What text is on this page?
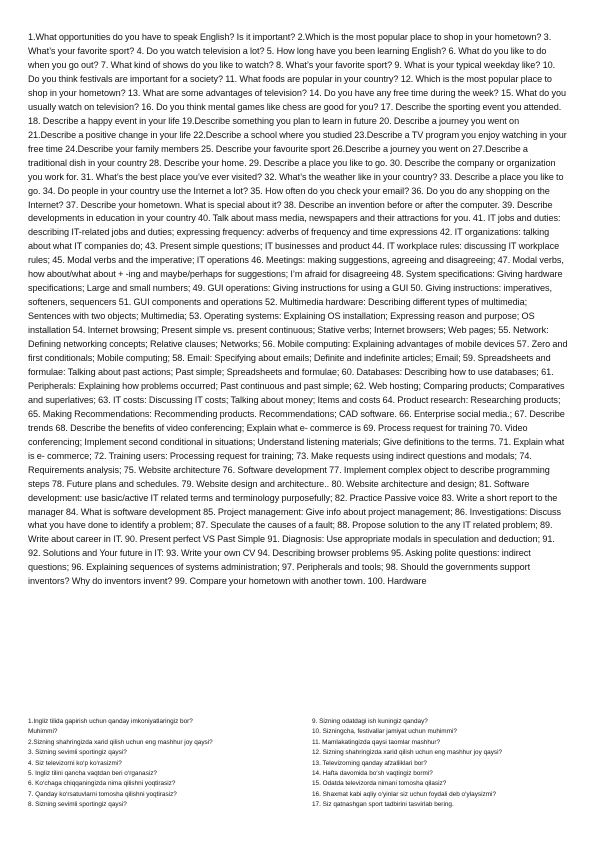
1.What opportunities do you have to speak English? Is it important? 2.Which is the most popular place to shop in your hometown? 3. What’s your favorite sport? 4. Do you watch television a lot? 5. How long have you been learning English? 6. What do you like to do when you go out? 7. What kind of shows do you like to watch? 8. What’s your favorite sport? 9. What is your typical weekday like? 10. Do you think festivals are important for a society? 11. What foods are popular in your country? 12. Which is the most popular place to shop in your hometown? 13. What are some advantages of television? 14. Do you have any free time during the week? 15. What do you usually watch on television? 16. Do you think mental games like chess are good for you? 17. Describe the sporting event you attended. 18. Describe a happy event in your life 19.Describe something you plan to learn in future 20. Describe a journey you went on 21.Describe a positive change in your life 22.Describe a school where you studied 23.Describe a TV program you enjoy watching in your free time 24.Describe your family members 25. Describe your favourite sport 26.Describe a journey you went on 27.Describe a traditional dish in your country 28. Describe your home. 29. Describe a place you like to go. 30. Describe the company or organization you work for. 31. What’s the best place you’ve ever visited? 32. What’s the weather like in your country? 33. Describe a place you like to go. 34. Do people in your country use the Internet a lot? 35. How often do you check your email? 36. Do you do any shopping on the Internet? 37. Describe your hometown. What is special about it? 38. Describe an invention before or after the computer. 39. Describe developments in education in your country 40. Talk about mass media, newspapers and their attractions for you. 41. IT jobs and duties: describing IT-related jobs and duties; expressing frequency: adverbs of frequency and time expressions 42. IT organizations: talking about what IT companies do; 43. Present simple questions; IT businesses and product 44. IT workplace rules: discussing IT workplace rules; 45. Modal verbs and the imperative; IT operations 46. Meetings: making suggestions, agreeing and disagreeing; 47. Modal verbs, how about/what about + -ing and maybe/perhaps for suggestions; I’m afraid for disagreeing 48. System specifications: Giving hardware specifications; Large and small numbers; 49. GUI operations: Giving instructions for using a GUI 50. Giving instructions: imperatives, softeners, sequencers 51. GUI components and operations 52. Multimedia hardware: Describing different types of multimedia; Sentences with two objects; Multimedia; 53. Operating systems: Explaining OS installation; Expressing reason and purpose; OS installation 54. Internet browsing; Present simple vs. present continuous; Stative verbs; Internet browsers; Web pages; 55. Network: Defining networking concepts; Relative clauses; Networks; 56. Mobile computing: Explaining advantages of mobile devices 57. Zero and first conditionals; Mobile computing; 58. Email: Specifying about emails; Definite and indefinite articles; Email; 59. Spreadsheets and formulae: Talking about past actions; Past simple; Spreadsheets and formulae; 60. Databases: Describing how to use databases; 61. Peripherals: Explaining how problems occurred; Past continuous and past simple; 62. Web hosting; Comparing products; Comparatives and superlatives; 63. IT costs: Discussing IT costs; Talking about money; Items and costs 64. Product research: Researching products; 65. Making Recommendations: Recommending products. Recommendations; CAD software. 66. Enterprise social media.; 67. Describe trends 68. Describe the benefits of video conferencing; Explain what e- commerce is 69. Process request for training 70. Video conferencing; Implement second conditional in situations; Understand listening materials; Give definitions to the terms. 71. Explain what is e- commerce; 72. Training users: Processing request for training; 73. Make requests using indirect questions and modals; 74. Requirements analysis; 75. Website architecture 76. Software development 77. Implement complex object to describe programming steps 78. Future plans and schedules. 79. Website design and architecture.. 80. Website architecture and design; 81. Software development: use basic/active IT related terms and terminology purposefully; 82. Practice Passive voice 83. Write a short report to the manager 84. What is software development 85. Project management: Give info about project management; 86. Investigations: Discuss what you have done to identify a problem; 87. Speculate the causes of a fault; 88. Propose solution to the any IT related problem; 89. Write about career in IT. 90. Present perfect VS Past Simple 91. Diagnosis: Use appropriate modals in speculation and deduction; 91. 92. Solutions and Your future in IT: 93. Write your own CV 94. Describing browser problems 95. Asking polite questions: indirect questions; 96. Explaining sequences of systems administration; 97. Peripherals and tools; 98. Should the governments support inventors? Why do inventors invent? 99. Compare your hometown with another town. 100. Hardware

1.Ingliz tilida gapirish uchun qanday imkoniyatlaringiz bor?
Muhimmi?
2.Sizning shahringizda xarid qilish uchun eng mashhur joy qaysi?
3. Sizning sevimli sportingiz qaysi?
4. Siz televizorni ko‘p ko‘rasizmi?
5. Ingliz tilini qancha vaqtdan beri o‘rganasiz?
6. Ko‘chaga chiqqaningizda nima qilishni yoqtirasiz?
7. Qanday ko‘rsatuvlarni tomosha qilishni yoqtirasiz?
8. Sizning sevimli sportingiz qaysi?
9. Sizning odatdagi ish kuningiz qanday?
10. Sizningcha, festivallar jamiyat uchun muhimmi?
11. Mamlakatingizda qaysi taomlar mashhur?
12. Sizning shahringizda xarid qilish uchun eng mashhur joy qaysi?
13. Televizorning qanday afzalliklari bor?
14. Hafta davomida bo‘sh vaqtingiz bormi?
15. Odatda televizorda nimani tomosha qilasiz?
16. Shaxmat kabi aqliy o‘yinlar siz uchun foydali deb o‘ylaysizmi?
17. Siz qatnashgan sport tadbirini tasvirlab bering.
